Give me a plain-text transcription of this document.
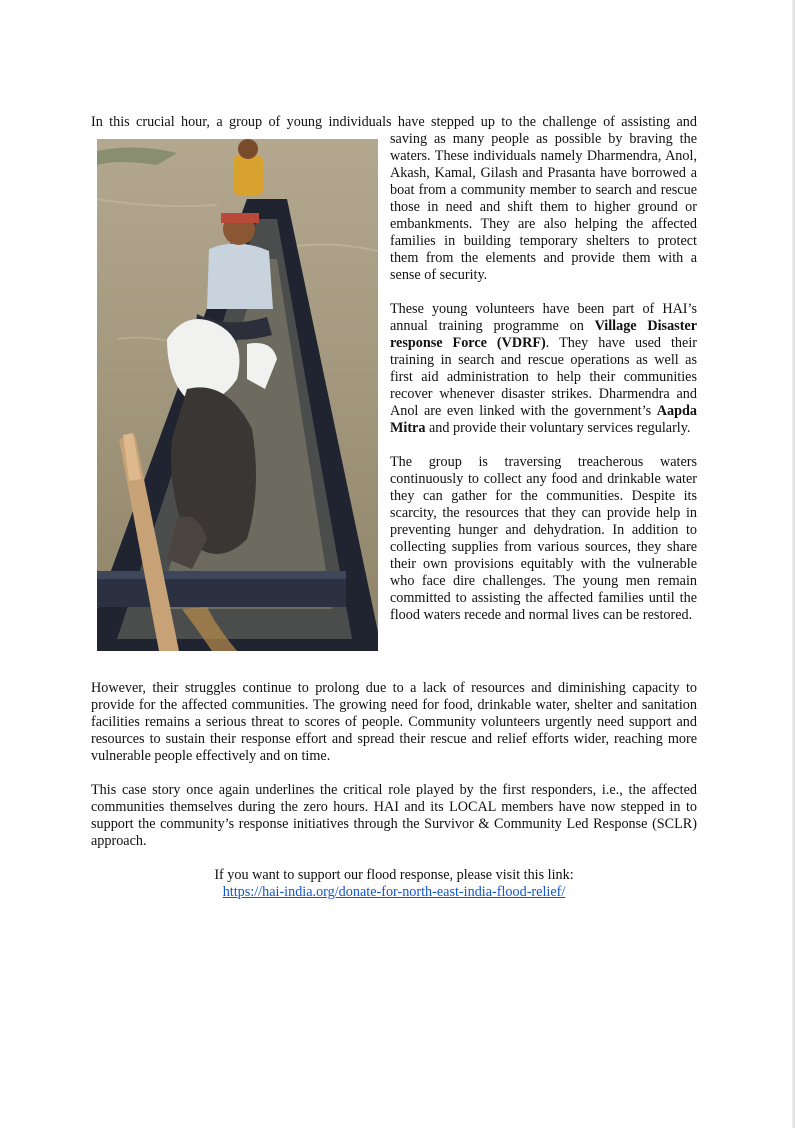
In this crucial hour, a group of young individuals have stepped up to the challenge of assisting and

saving as many people as possible by braving the waters. These individuals namely Dharmendra, Anol, Akash, Kamal, Gilash and Prasanta have borrowed a boat from a community member to search and rescue those in need and shift them to higher ground or embankments. They are also helping the affected families in building temporary shelters to protect them from the elements and provide them with a sense of security.

These young volunteers have been part of HAI’s annual training programme on Village Disaster response Force (VDRF). They have used their training in search and rescue operations as well as first aid administration to help their communities recover whenever disaster strikes. Dharmendra and Anol are even linked with the government’s Aapda Mitra and provide their voluntary services regularly.

The group is traversing treacherous waters continuously to collect any food and drinkable water they can gather for the communities. Despite its scarcity, the resources that they can provide help in preventing hunger and dehydration. In addition to collecting supplies from various sources, they share their own provisions equitably with the vulnerable who face dire challenges. The young men remain committed to assisting the affected families until the flood waters recede and normal lives can be restored.

However, their struggles continue to prolong due to a lack of resources and diminishing capacity to provide for the affected communities. The growing need for food, drinkable water, shelter and sanitation facilities remains a serious threat to scores of people. Community volunteers urgently need support and resources to sustain their response effort and spread their rescue and relief efforts wider, reaching more vulnerable people effectively and on time.

This case story once again underlines the critical role played by the first responders, i.e., the affected communities themselves during the zero hours. HAI and its LOCAL members have now stepped in to support the community’s response initiatives through the Survivor & Community Led Response (SCLR) approach.

If you want to support our flood response, please visit this link:
https://hai-india.org/donate-for-north-east-india-flood-relief/
